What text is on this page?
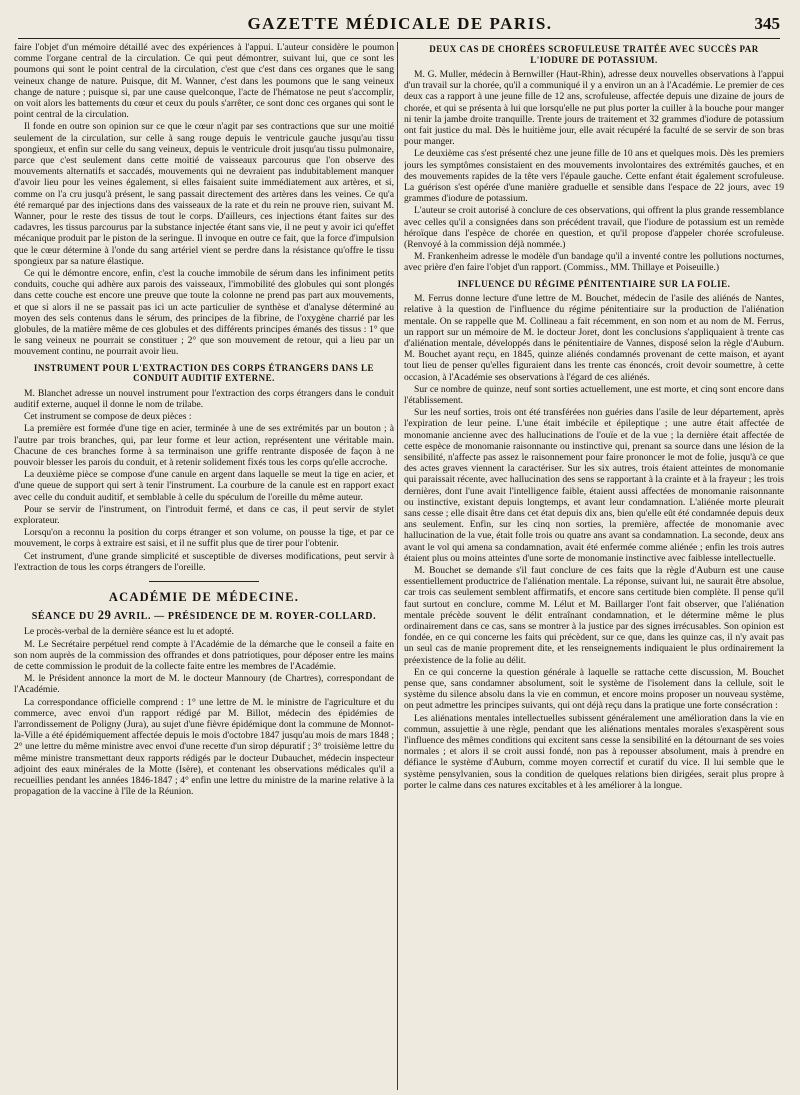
GAZETTE MÉDICALE DE PARIS.	345

faire l'objet d'un mémoire détaillé avec des expériences à l'appui. L'auteur considère le poumon comme l'organe central de la circulation. Ce qui peut démontrer, suivant lui, que ce sont les poumons qui sont le point central de la circulation, c'est que c'est dans ces organes que le sang veineux change de nature. Puisque, dit M. Wanner, c'est dans les poumons que le sang veineux change de nature ; puisque si, par une cause quelconque, l'acte de l'hématose ne peut s'accomplir, on voit alors les battements du cœur et ceux du pouls s'arrêter, ce sont donc ces organes qui sont le point central de la circulation.

Il fonde en outre son opinion sur ce que le cœur n'agit par ses contractions que sur une moitié seulement de la circulation, sur celle à sang rouge depuis le ventricule gauche jusqu'au tissu spongieux, et enfin sur celle du sang veineux, depuis le ventricule droit jusqu'au tissu pulmonaire, parce que c'est seulement dans cette moitié de vaisseaux parcourus que l'on observe des mouvements alternatifs et saccadés, mouvements qui ne devraient pas indubitablement manquer d'avoir lieu pour les veines également, si elles faisaient suite immédiatement aux artères, et si, comme on l'a cru jusqu'à présent, le sang passait directement des artères dans les veines. Ce qu'a été remarqué par des injections dans des vaisseaux de la rate et du rein ne prouve rien, suivant M. Wanner, pour le reste des tissus de tout le corps. D'ailleurs, ces injections étant faites sur des cadavres, les tissus parcourus par la substance injectée étant sans vie, il ne peut y avoir ici qu'effet mécanique produit par le piston de la seringue. Il invoque en outre ce fait, que la force d'impulsion que le cœur détermine à l'onde du sang artériel vient se perdre dans la résistance qu'offre le tissu spongieux par sa nature élastique.

Ce qui le démontre encore, enfin, c'est la couche immobile de sérum dans les infiniment petits conduits, couche qui adhère aux parois des vaisseaux, l'immobilité des globules qui sont plongés dans cette couche est encore une preuve que toute la colonne ne prend pas part aux mouvements, et que si alors il ne se passait pas ici un acte particulier de synthèse et d'analyse déterminé au moyen des sels contenus dans le sérum, des principes de la fibrine, de l'oxygène charrié par les globules, de la matière même de ces globules et des différents principes émanés des tissus : 1° que le sang veineux ne pourrait se constituer ; 2° que son mouvement de retour, qui a lieu par un mouvement continu, ne pourrait avoir lieu.

INSTRUMENT POUR L'EXTRACTION DES CORPS ÉTRANGERS DANS LE CONDUIT AUDITIF EXTERNE.

M. Blanchet adresse un nouvel instrument pour l'extraction des corps étrangers dans le conduit auditif externe, auquel il donne le nom de trilabe.

Cet instrument se compose de deux pièces :

La première est formée d'une tige en acier, terminée à une de ses extrémités par un bouton ; à l'autre par trois branches, qui, par leur forme et leur action, représentent une véritable main. Chacune de ces branches forme à sa terminaison une griffe rentrante disposée de façon à ne pouvoir blesser les parois du conduit, et à retenir solidement fixés tous les corps qu'elle accroche.

La deuxième pièce se compose d'une canule en argent dans laquelle se meut la tige en acier, et d'une queue de support qui sert à tenir l'instrument. La courbure de la canule est en rapport exact avec celle du conduit auditif, et semblable à celle du spéculum de l'oreille du même auteur.

Pour se servir de l'instrument, on l'introduit fermé, et dans ce cas, il peut servir de stylet explorateur.

Lorsqu'on a reconnu la position du corps étranger et son volume, on pousse la tige, et par ce mouvement, le corps à extraire est saisi, et il ne suffit plus que de tirer pour l'obtenir.

Cet instrument, d'une grande simplicité et susceptible de diverses modifications, peut servir à l'extraction de tous les corps étrangers de l'oreille.

ACADÉMIE DE MÉDECINE.
SÉANCE DU 29 AVRIL. — PRÉSIDENCE DE M. ROYER-COLLARD.

Le procès-verbal de la dernière séance est lu et adopté.

M. Le Secrétaire perpétuel rend compte à l'Académie de la démarche que le conseil a faite en son nom auprès de la commission des offrandes et dons patriotiques, pour déposer entre les mains de cette commission le produit de la collecte faite entre les membres de l'Académie.

M. le Président annonce la mort de M. le docteur Mannoury (de Chartres), correspondant de l'Académie.

La correspondance officielle comprend : 1° une lettre de M. le ministre de l'agriculture et du commerce, avec envoi d'un rapport rédigé par M. Billot, médecin des épidémies de l'arrondissement de Poligny (Jura), au sujet d'une fièvre épidémique dont la commune de Monnot-la-Ville a été épidémiquement affectée depuis le mois d'octobre 1847 jusqu'au mois de mars 1848 ; 2° une lettre du même ministre avec envoi d'une recette d'un sirop dépuratif ; 3° troisième lettre du même ministre transmettant deux rapports rédigés par le docteur Dubauchet, médecin inspecteur adjoint des eaux minérales de la Motte (Isère), et contenant les observations médicales qu'il a recueillies pendant les années 1846-1847 ; 4° enfin une lettre du ministre de la marine relative à la propagation de la vaccine à l'île de la Réunion.

DEUX CAS DE CHORÉES SCROFULEUSE TRAITÉE AVEC SUCCÈS PAR L'IODURE DE POTASSIUM.

M. G. Muller, médecin à Bernwiller (Haut-Rhin), adresse deux nouvelles observations à l'appui d'un travail sur la chorée, qu'il a communiqué il y a environ un an à l'Académie. Le premier de ces deux cas a rapport à une jeune fille de 12 ans, scrofuleuse, affectée depuis une dizaine de jours de chorée, et qui se présenta à lui que lorsqu'elle ne put plus porter la cuiller à la bouche pour manger ni tenir la jambe droite tranquille. Trente jours de traitement et 32 grammes d'iodure de potassium ont fait justice du mal. Dès le huitième jour, elle avait récupéré la faculté de se servir de son bras pour manger.

Le deuxième cas s'est présenté chez une jeune fille de 10 ans et quelques mois. Dès les premiers jours les symptômes consistaient en des mouvements involontaires des extrémités gauches, et en des mouvements rapides de la tête vers l'épaule gauche. Cette enfant était également scrofuleuse. La guérison s'est opérée d'une manière graduelle et sensible dans l'espace de 22 jours, avec 19 grammes d'iodure de potassium.

L'auteur se croit autorisé à conclure de ces observations, qui offrent la plus grande ressemblance avec celles qu'il a consignées dans son précédent travail, que l'iodure de potassium est un remède héroïque dans l'espèce de chorée en question, et qu'il propose d'appeler chorée scrofuleuse. (Renvoyé à la commission déjà nommée.)

M. Frankenheim adresse le modèle d'un bandage qu'il a inventé contre les pollutions nocturnes, avec prière d'en faire l'objet d'un rapport. (Commiss., MM. Thillaye et Poiseuille.)

INFLUENCE DU RÉGIME PÉNITENTIAIRE SUR LA FOLIE.

M. Ferrus donne lecture d'une lettre de M. Bouchet, médecin de l'asile des aliénés de Nantes, relative à la question de l'influence du régime pénitentiaire sur la production de l'aliénation mentale. On se rappelle que M. Collineau a fait récemment, en son nom et au nom de M. Ferrus, un rapport sur un mémoire de M. le docteur Joret, dont les conclusions s'appliquaient à trente cas d'aliénation mentale, développés dans le pénitentiaire de Vannes, disposé selon la règle d'Auburn. M. Bouchet ayant reçu, en 1845, quinze aliénés condamnés provenant de cette maison, et ayant tout lieu de penser qu'elles figuraient dans les trente cas énoncés, croit devoir soumettre, à cette occasion, à l'Académie ses observations à l'égard de ces aliénés.

Sur ce nombre de quinze, neuf sont sorties actuellement, une est morte, et cinq sont encore dans l'établissement.

Sur les neuf sorties, trois ont été transférées non guéries dans l'asile de leur département, après l'expiration de leur peine. L'une était imbécile et épileptique ; une autre était affectée de monomanie ancienne avec des hallucinations de l'ouïe et de la vue ; la dernière était affectée de cette espèce de monomanie raisonnante ou instinctive qui, prenant sa source dans une lésion de la sensibilité, n'affecte pas assez le raisonnement pour faire prononcer le mot de folie, jusqu'à ce que des actes graves viennent la caractériser. Sur les six autres, trois étaient atteintes de monomanie qui paraissait récente, avec hallucination des sens se rapportant à la crainte et à la frayeur ; les trois dernières, dont l'une avait l'intelligence faible, étaient aussi affectées de monomanie raisonnante ou instinctive, existant depuis longtemps, et avant leur condamnation. L'aliénée morte pleurait sans cesse ; elle disait être dans cet état depuis dix ans, bien qu'elle eût été condamnée depuis deux ans seulement. Enfin, sur les cinq non sorties, la première, affectée de monomanie avec hallucination de la vue, était folle trois ou quatre ans avant sa condamnation. La seconde, deux ans avant le vol qui amena sa condamnation, avait été enfermée comme aliénée ; enfin les trois autres étaient plus ou moins atteintes d'une sorte de monomanie instinctive avec faiblesse intellectuelle.

M. Bouchet se demande s'il faut conclure de ces faits que la règle d'Auburn est une cause essentiellement productrice de l'aliénation mentale. La réponse, suivant lui, ne saurait être absolue, car trois cas seulement semblent affirmatifs, et encore sans certitude bien complète. Il pense qu'il faut surtout en conclure, comme M. Lélut et M. Baillarger l'ont fait observer, que l'aliénation mentale précède souvent le délit entraînant condamnation, et le détermine même le plus ordinairement dans ce cas, sans se montrer à la justice par des signes irrécusables. Son opinion est fondée, en ce qui concerne les faits qui précèdent, sur ce que, dans les quinze cas, il n'y avait pas un seul cas de manie proprement dite, et les renseignements indiquaient le plus ordinairement la préexistence de la folie au délit.

En ce qui concerne la question générale à laquelle se rattache cette discussion, M. Bouchet pense que, sans condamner absolument, soit le système de l'isolement dans la cellule, soit le système du silence absolu dans la vie en commun, et encore moins proposer un nouveau système, on peut admettre les principes suivants, qui ont déjà reçu dans la pratique une forte consécration :

Les aliénations mentales intellectuelles subissent généralement une amélioration dans la vie en commun, assujettie à une règle, pendant que les aliénations mentales morales s'exaspèrent sous l'influence des mêmes conditions qui excitent sans cesse la sensibilité en la détournant de ses voies normales ; et alors il se croit aussi fondé, non pas à repousser absolument, mais à prendre en défiance le système d'Auburn, comme moyen correctif et curatif du vice. Il lui semble que le système pensylvanien, sous la condition de quelques relations bien dirigées, serait plus propre à porter le calme dans ces natures excitables et à les améliorer à la longue.
